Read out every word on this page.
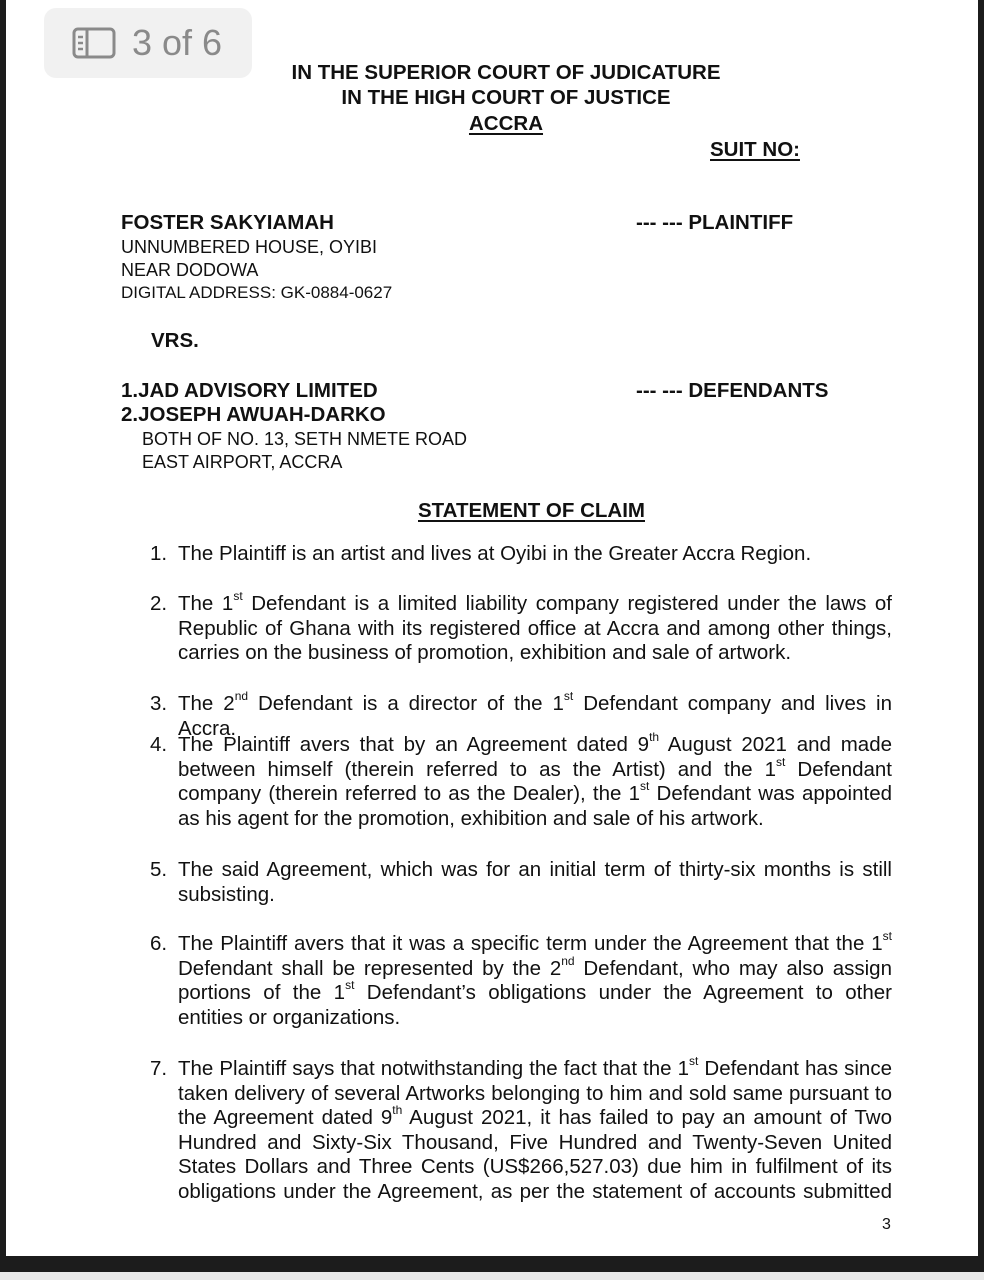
3 of 6
IN THE SUPERIOR COURT OF JUDICATURE
IN THE HIGH COURT OF JUSTICE
ACCRA
SUIT NO:
FOSTER SAKYIAMAH	--- --- PLAINTIFF
UNNUMBERED HOUSE, OYIBI
NEAR DODOWA
DIGITAL ADDRESS: GK-0884-0627
VRS.
1.JAD ADVISORY LIMITED	--- --- DEFENDANTS
2.JOSEPH AWUAH-DARKO
BOTH OF NO. 13, SETH NMETE ROAD
EAST AIRPORT, ACCRA
STATEMENT OF CLAIM
1. The Plaintiff is an artist and lives at Oyibi in the Greater Accra Region.
2. The 1st Defendant is a limited liability company registered under the laws of Republic of Ghana with its registered office at Accra and among other things, carries on the business of promotion, exhibition and sale of artwork.
3. The 2nd Defendant is a director of the 1st Defendant company and lives in Accra.
4. The Plaintiff avers that by an Agreement dated 9th August 2021 and made between himself (therein referred to as the Artist) and the 1st Defendant company (therein referred to as the Dealer), the 1st Defendant was appointed as his agent for the promotion, exhibition and sale of his artwork.
5. The said Agreement, which was for an initial term of thirty-six months is still subsisting.
6. The Plaintiff avers that it was a specific term under the Agreement that the 1st Defendant shall be represented by the 2nd Defendant, who may also assign portions of the 1st Defendant’s obligations under the Agreement to other entities or organizations.
7. The Plaintiff says that notwithstanding the fact that the 1st Defendant has since taken delivery of several Artworks belonging to him and sold same pursuant to the Agreement dated 9th August 2021, it has failed to pay an amount of Two Hundred and Sixty-Six Thousand, Five Hundred and Twenty-Seven United States Dollars and Three Cents (US$266,527.03) due him in fulfilment of its obligations under the Agreement, as per the statement of accounts submitted
3
